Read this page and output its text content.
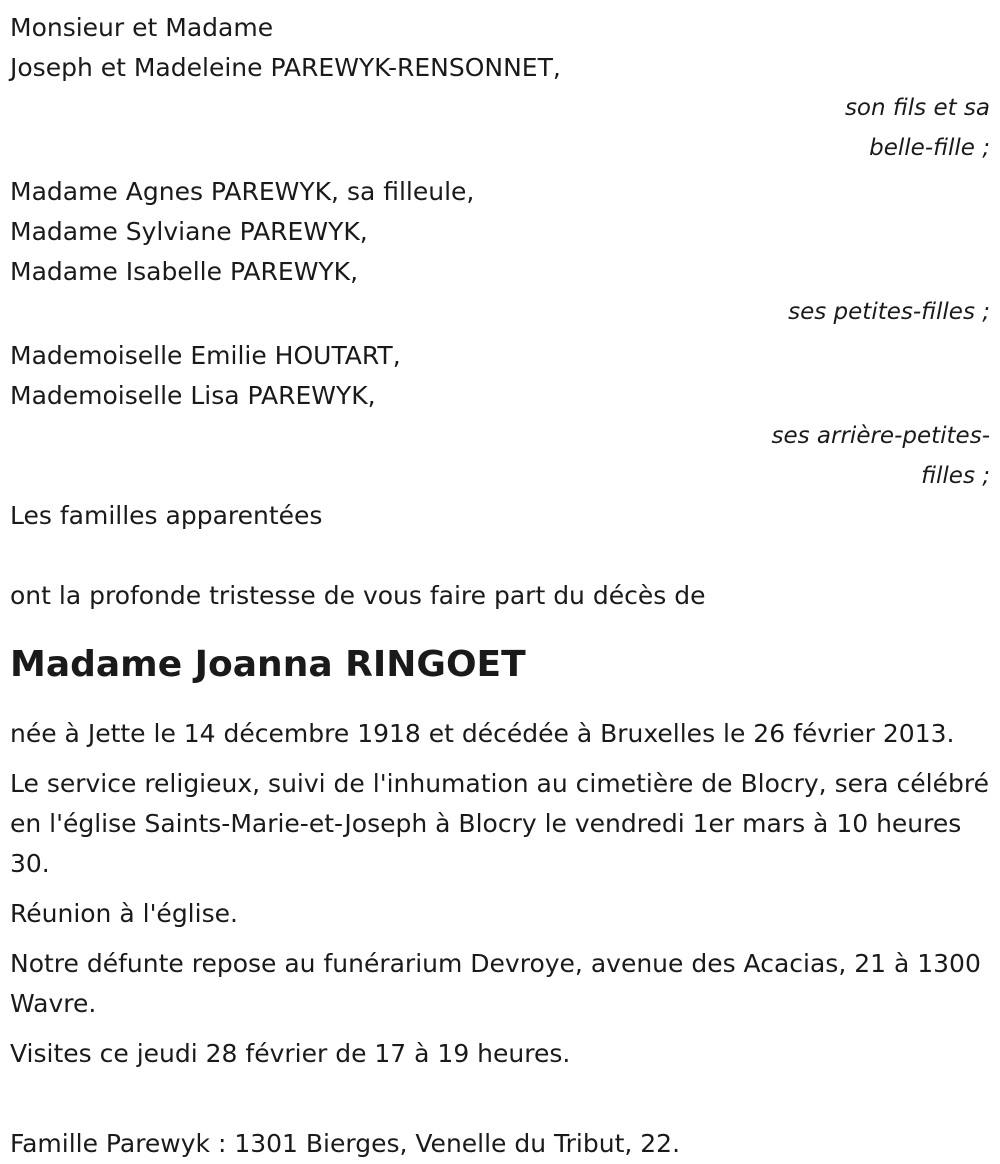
Monsieur et Madame
Joseph et Madeleine PAREWYK-RENSONNET,
son fils et sa belle-fille ;
Madame Agnes PAREWYK, sa filleule,
Madame Sylviane PAREWYK,
Madame Isabelle PAREWYK,
ses petites-filles ;
Mademoiselle Emilie HOUTART,
Mademoiselle Lisa PAREWYK,
ses arrière-petites-filles ;
Les familles apparentées
ont la profonde tristesse de vous faire part du décès de
Madame Joanna RINGOET

née à Jette le 14 décembre 1918 et décédée à Bruxelles le 26 février 2013.

Le service religieux, suivi de l'inhumation au cimetière de Blocry, sera célébré en l'église Saints-Marie-et-Joseph à Blocry le vendredi 1er mars à 10 heures 30.

Réunion à l'église.

Notre défunte repose au funérarium Devroye, avenue des Acacias, 21 à 1300 Wavre.

Visites ce jeudi 28 février de 17 à 19 heures.

Famille Parewyk : 1301 Bierges, Venelle du Tribut, 22.
